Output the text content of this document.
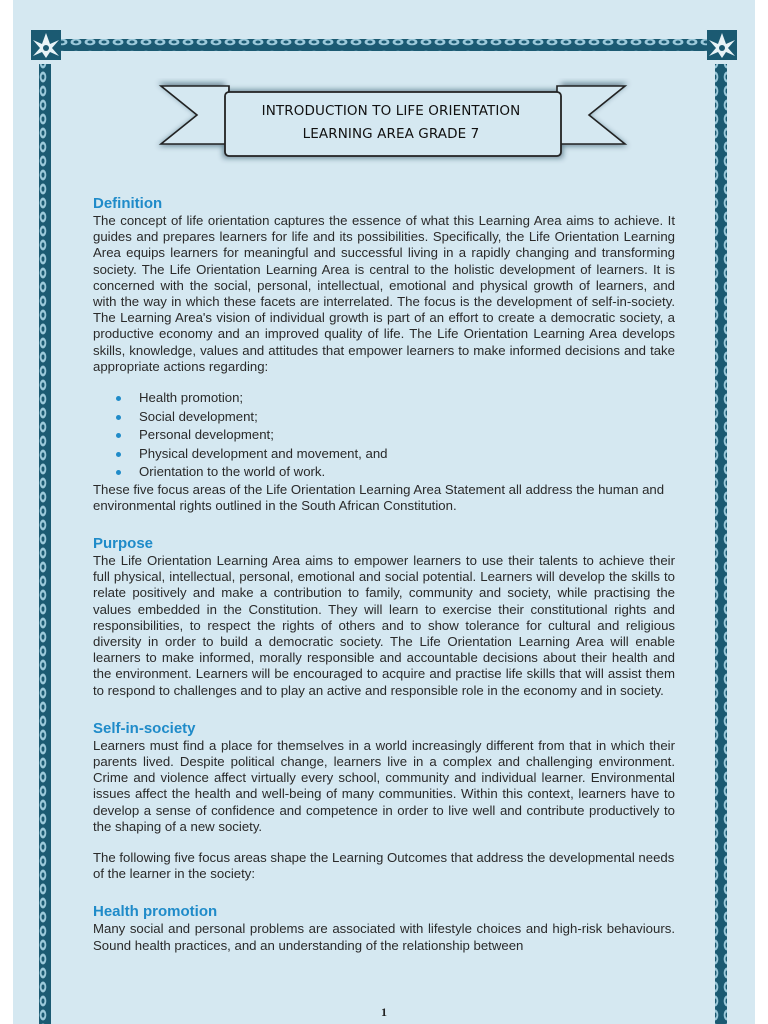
INTRODUCTION TO LIFE ORIENTATION
LEARNING AREA GRADE 7
Definition

The concept of life orientation captures the essence of what this Learning Area aims to achieve. It guides and prepares learners for life and its possibilities. Specifically, the Life Orientation Learning Area equips learners for meaningful and successful living in a rapidly changing and transforming society. The Life Orientation Learning Area is central to the holistic development of learners. It is concerned with the social, personal, intellectual, emotional and physical growth of learners, and with the way in which these facets are interrelated. The focus is the development of self-in-society. The Learning Area's vision of individual growth is part of an effort to create a democratic society, a productive economy and an improved quality of life. The Life Orientation Learning Area develops skills, knowledge, values and attitudes that empower learners to make informed decisions and take appropriate actions regarding:

Health promotion;
Social development;
Personal development;
Physical development and movement, and
Orientation to the world of work.

These five focus areas of the Life Orientation Learning Area Statement all address the human and environmental rights outlined in the South African Constitution.

Purpose

The Life Orientation Learning Area aims to empower learners to use their talents to achieve their full physical, intellectual, personal, emotional and social potential. Learners will develop the skills to relate positively and make a contribution to family, community and society, while practising the values embedded in the Constitution. They will learn to exercise their constitutional rights and responsibilities, to respect the rights of others and to show tolerance for cultural and religious diversity in order to build a democratic society. The Life Orientation Learning Area will enable learners to make informed, morally responsible and accountable decisions about their health and the environment. Learners will be encouraged to acquire and practise life skills that will assist them to respond to challenges and to play an active and responsible role in the economy and in society.

Self-in-society

Learners must find a place for themselves in a world increasingly different from that in which their parents lived. Despite political change, learners live in a complex and challenging environment. Crime and violence affect virtually every school, community and individual learner. Environmental issues affect the health and well-being of many communities. Within this context, learners have to develop a sense of confidence and competence in order to live well and contribute productively to the shaping of a new society.

The following five focus areas shape the Learning Outcomes that address the developmental needs of the learner in the society:

Health promotion

Many social and personal problems are associated with lifestyle choices and high-risk behaviours. Sound health practices, and an understanding of the relationship between

1
